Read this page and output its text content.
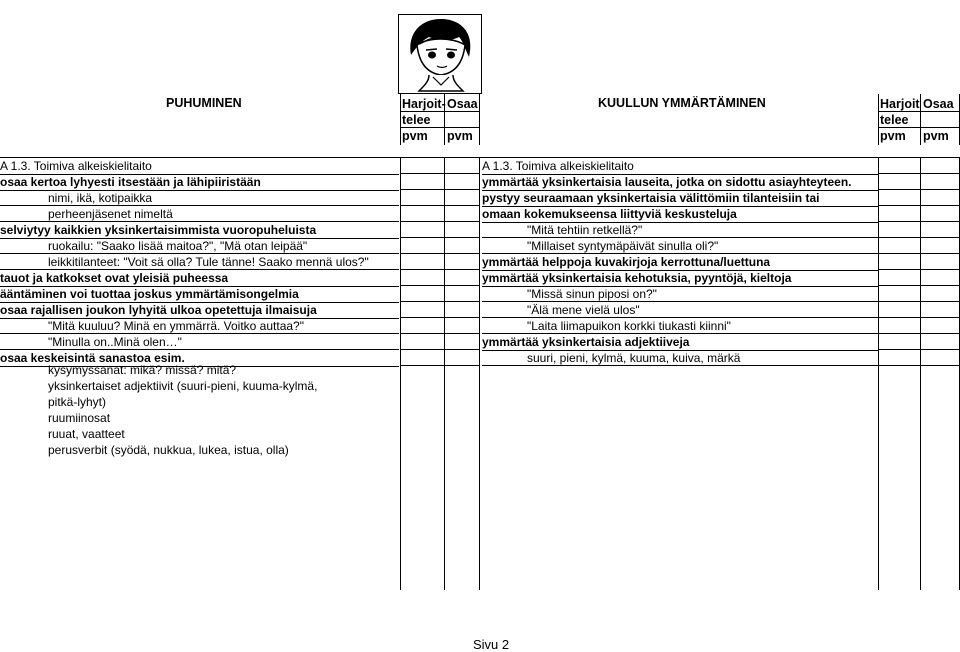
PUHUMINEN	KUULLUN YMMÄRTÄMINEN
Harjoit-
telee
pvm
Osaa
pvm
Harjoit
telee
pvm
Osaa
pvm
A 1.3. Toimiva alkeiskielitaito
osaa kertoa lyhyesti itsestään ja lähipiiristään
nimi, ikä, kotipaikka
perheenjäsenet nimeltä
selviytyy kaikkien yksinkertaisimmista vuoropuheluista
ruokailu: "Saako lisää maitoa?", "Mä otan leipää"
leikkitilanteet: "Voit sä olla? Tule tänne! Saako mennä ulos?"
tauot ja katkokset ovat yleisiä puheessa
ääntäminen voi tuottaa joskus ymmärtämisongelmia
osaa rajallisen joukon lyhyitä ulkoa opetettuja ilmaisuja
"Mitä kuuluu? Minä en ymmärrä. Voitko auttaa?"
"Minulla on..Minä olen…"
osaa keskeisintä sanastoa esim.
kysymyssanat: mikä? missä? mitä?
yksinkertaiset adjektiivit (suuri-pieni, kuuma-kylmä,
pitkä-lyhyt)
ruumiinosat
ruuat, vaatteet
perusverbit (syödä, nukkua, lukea, istua, olla)
A 1.3. Toimiva alkeiskielitaito
ymmärtää yksinkertaisia lauseita, jotka on sidottu asiayhteyteen.
pystyy seuraamaan yksinkertaisia välittömiin tilanteisiin tai
omaan kokemukseensa liittyviä keskusteluja
"Mitä tehtiin retkellä?"
"Millaiset syntymäpäivät sinulla oli?"
ymmärtää helppoja kuvakirjoja kerrottuna/luettuna
ymmärtää yksinkertaisia kehotuksia, pyyntöjä, kieltoja
"Missä sinun piposi on?"
"Älä mene vielä ulos"
"Laita liimapuikon korkki tiukasti kiinni"
ymmärtää yksinkertaisia adjektiiveja
suuri, pieni, kylmä, kuuma, kuiva, märkä
Sivu 2
